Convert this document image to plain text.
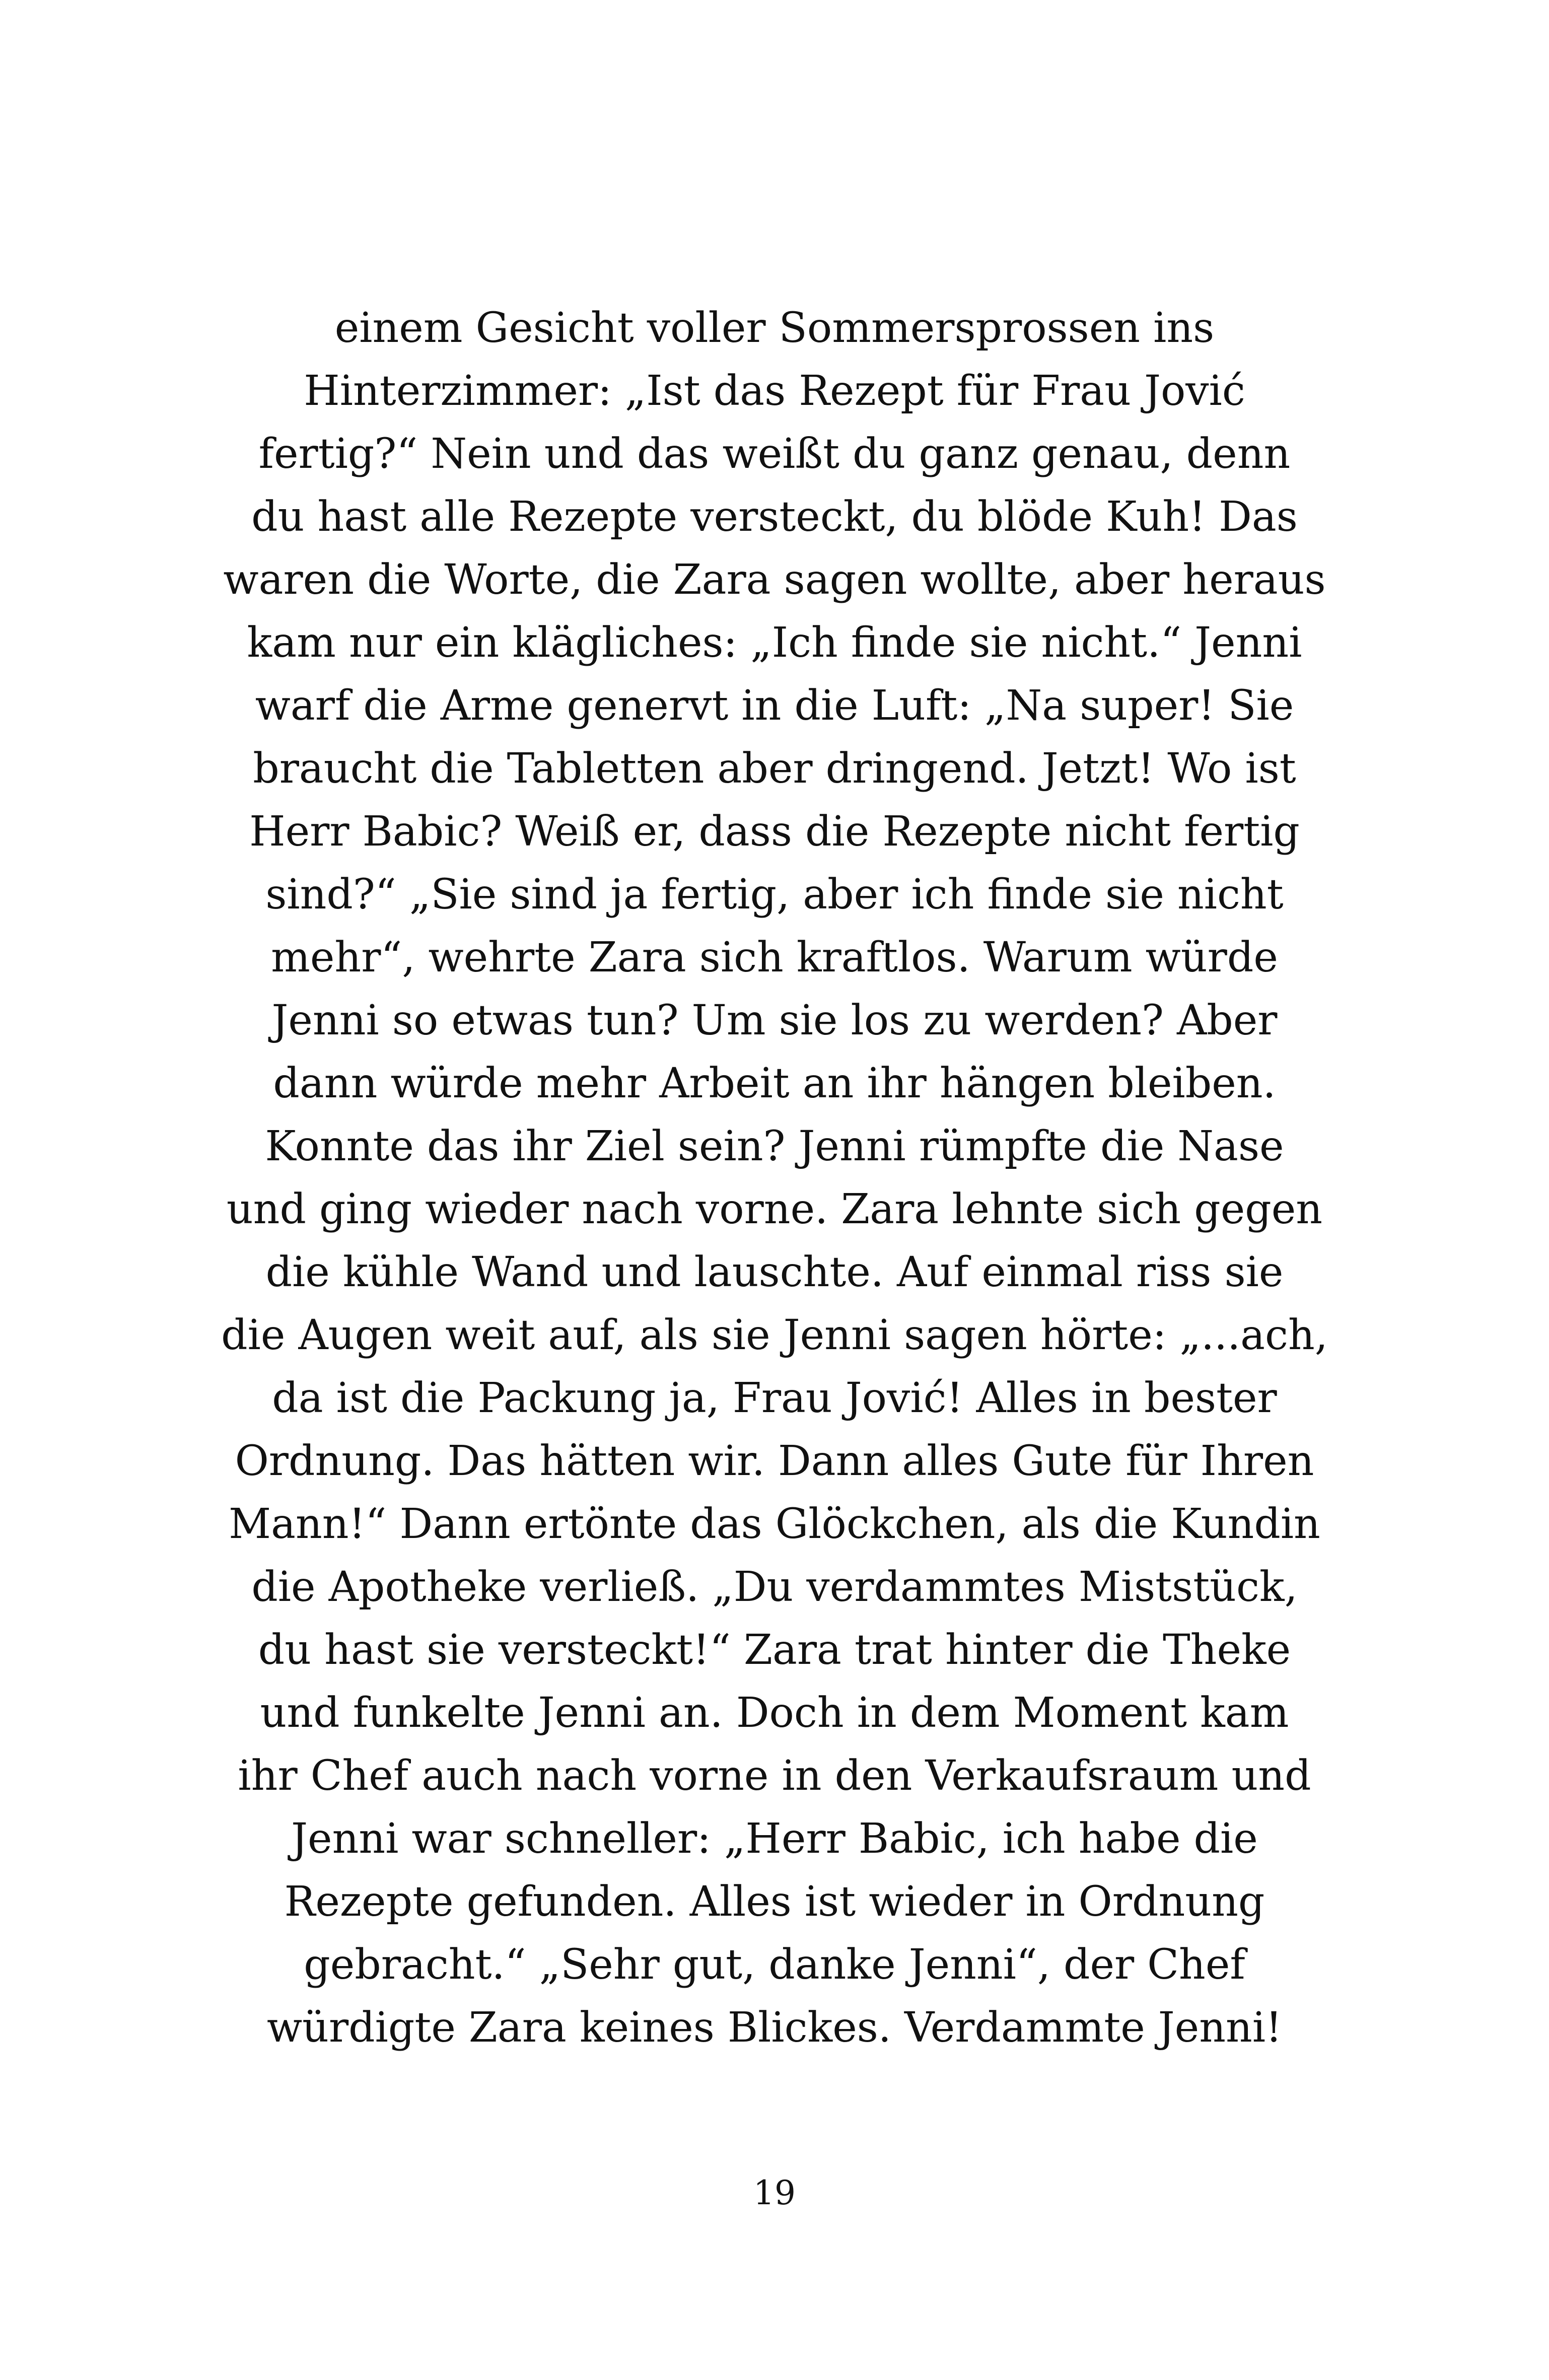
einem Gesicht voller Sommersprossen ins
Hinterzimmer: „Ist das Rezept für Frau Jović
fertig?“ Nein und das weißt du ganz genau, denn
du hast alle Rezepte versteckt, du blöde Kuh! Das
waren die Worte, die Zara sagen wollte, aber heraus
kam nur ein klägliches: „Ich finde sie nicht.“ Jenni
warf die Arme genervt in die Luft: „Na super! Sie
braucht die Tabletten aber dringend. Jetzt! Wo ist
Herr Babic? Weiß er, dass die Rezepte nicht fertig
sind?“ „Sie sind ja fertig, aber ich finde sie nicht
mehr“, wehrte Zara sich kraftlos. Warum würde
Jenni so etwas tun? Um sie los zu werden? Aber
dann würde mehr Arbeit an ihr hängen bleiben.
Konnte das ihr Ziel sein? Jenni rümpfte die Nase
und ging wieder nach vorne. Zara lehnte sich gegen
die kühle Wand und lauschte. Auf einmal riss sie
die Augen weit auf, als sie Jenni sagen hörte: „...ach,
da ist die Packung ja, Frau Jović! Alles in bester
Ordnung. Das hätten wir. Dann alles Gute für Ihren
Mann!“ Dann ertönte das Glöckchen, als die Kundin
die Apotheke verließ. „Du verdammtes Miststück,
du hast sie versteckt!“ Zara trat hinter die Theke
und funkelte Jenni an. Doch in dem Moment kam
ihr Chef auch nach vorne in den Verkaufsraum und
Jenni war schneller: „Herr Babic, ich habe die
Rezepte gefunden. Alles ist wieder in Ordnung
gebracht.“ „Sehr gut, danke Jenni“, der Chef
würdigte Zara keines Blickes. Verdammte Jenni!
19
